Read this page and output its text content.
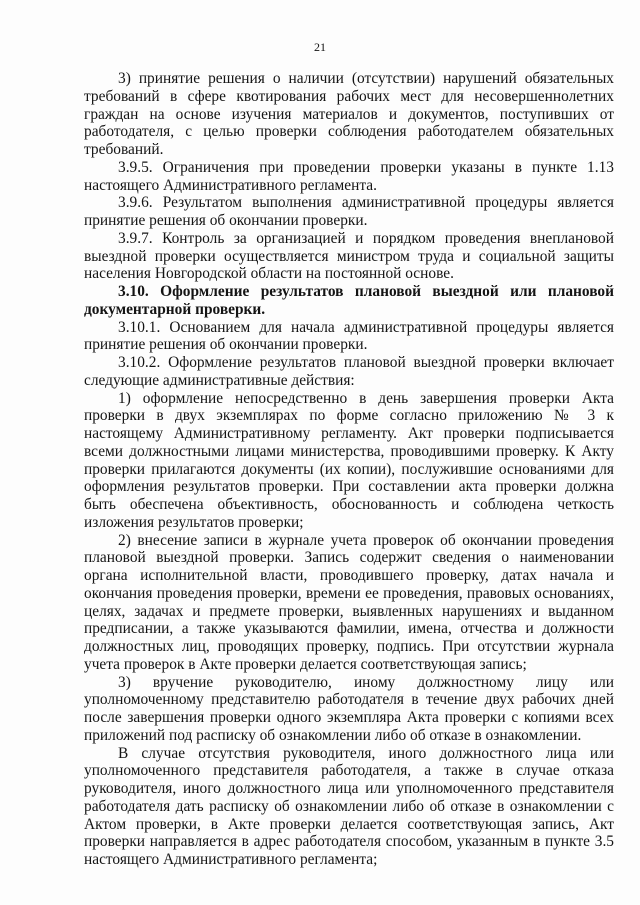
21

3) принятие решения о наличии (отсутствии) нарушений обязательных требований в сфере квотирования рабочих мест для несовершеннолетних граждан на основе изучения материалов и документов, поступивших от работодателя, с целью проверки соблюдения работодателем обязательных требований.

3.9.5. Ограничения при проведении проверки указаны в пункте 1.13 настоящего Административного регламента.

3.9.6. Результатом выполнения административной процедуры является принятие решения об окончании проверки.

3.9.7. Контроль за организацией и порядком проведения внеплановой выездной проверки осуществляется министром труда и социальной защиты населения Новгородской области на постоянной основе.

3.10. Оформление результатов плановой выездной или плановой документарной проверки.

3.10.1. Основанием для начала административной процедуры является принятие решения об окончании проверки.

3.10.2. Оформление результатов плановой выездной проверки включает следующие административные действия:

1) оформление непосредственно в день завершения проверки Акта проверки в двух экземплярах по форме согласно приложению № 3 к настоящему Административному регламенту. Акт проверки подписывается всеми должностными лицами министерства, проводившими проверку. К Акту проверки прилагаются документы (их копии), послужившие основаниями для оформления результатов проверки. При составлении акта проверки должна быть обеспечена объективность, обоснованность и соблюдена четкость изложения результатов проверки;

2) внесение записи в журнале учета проверок об окончании проведения плановой выездной проверки. Запись содержит сведения о наименовании органа исполнительной власти, проводившего проверку, датах начала и окончания проведения проверки, времени ее проведения, правовых основаниях, целях, задачах и предмете проверки, выявленных нарушениях и выданном предписании, а также указываются фамилии, имена, отчества и должности должностных лиц, проводящих проверку, подпись. При отсутствии журнала учета проверок в Акте проверки делается соответствующая запись;

3) вручение руководителю, иному должностному лицу или уполномоченному представителю работодателя в течение двух рабочих дней после завершения проверки одного экземпляра Акта проверки с копиями всех приложений под расписку об ознакомлении либо об отказе в ознакомлении.

В случае отсутствия руководителя, иного должностного лица или уполномоченного представителя работодателя, а также в случае отказа руководителя, иного должностного лица или уполномоченного представителя работодателя дать расписку об ознакомлении либо об отказе в ознакомлении с Актом проверки, в Акте проверки делается соответствующая запись, Акт проверки направляется в адрес работодателя способом, указанным в пункте 3.5 настоящего Административного регламента;
